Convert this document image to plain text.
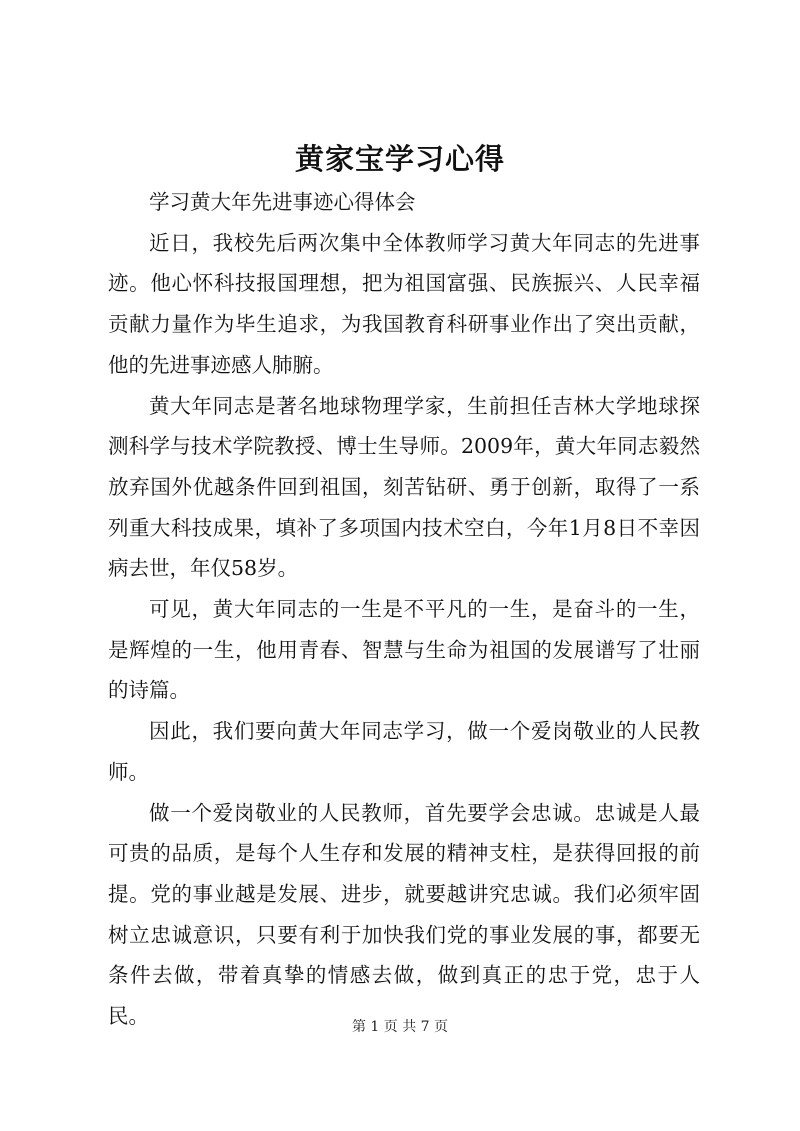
黄家宝学习心得

学习黄大年先进事迹心得体会

近日，我校先后两次集中全体教师学习黄大年同志的先进事迹。他心怀科技报国理想，把为祖国富强、民族振兴、人民幸福贡献力量作为毕生追求，为我国教育科研事业作出了突出贡献，他的先进事迹感人肺腑。

黄大年同志是著名地球物理学家，生前担任吉林大学地球探测科学与技术学院教授、博士生导师。2009年，黄大年同志毅然放弃国外优越条件回到祖国，刻苦钻研、勇于创新，取得了一系列重大科技成果，填补了多项国内技术空白，今年1月8日不幸因病去世，年仅58岁。

可见，黄大年同志的一生是不平凡的一生，是奋斗的一生，是辉煌的一生，他用青春、智慧与生命为祖国的发展谱写了壮丽的诗篇。

因此，我们要向黄大年同志学习，做一个爱岗敬业的人民教师。

做一个爱岗敬业的人民教师，首先要学会忠诚。忠诚是人最可贵的品质，是每个人生存和发展的精神支柱，是获得回报的前提。党的事业越是发展、进步，就要越讲究忠诚。我们必须牢固树立忠诚意识，只要有利于加快我们党的事业发展的事，都要无条件去做，带着真挚的情感去做，做到真正的忠于党，忠于人民。	第 1 页 共 7 页
